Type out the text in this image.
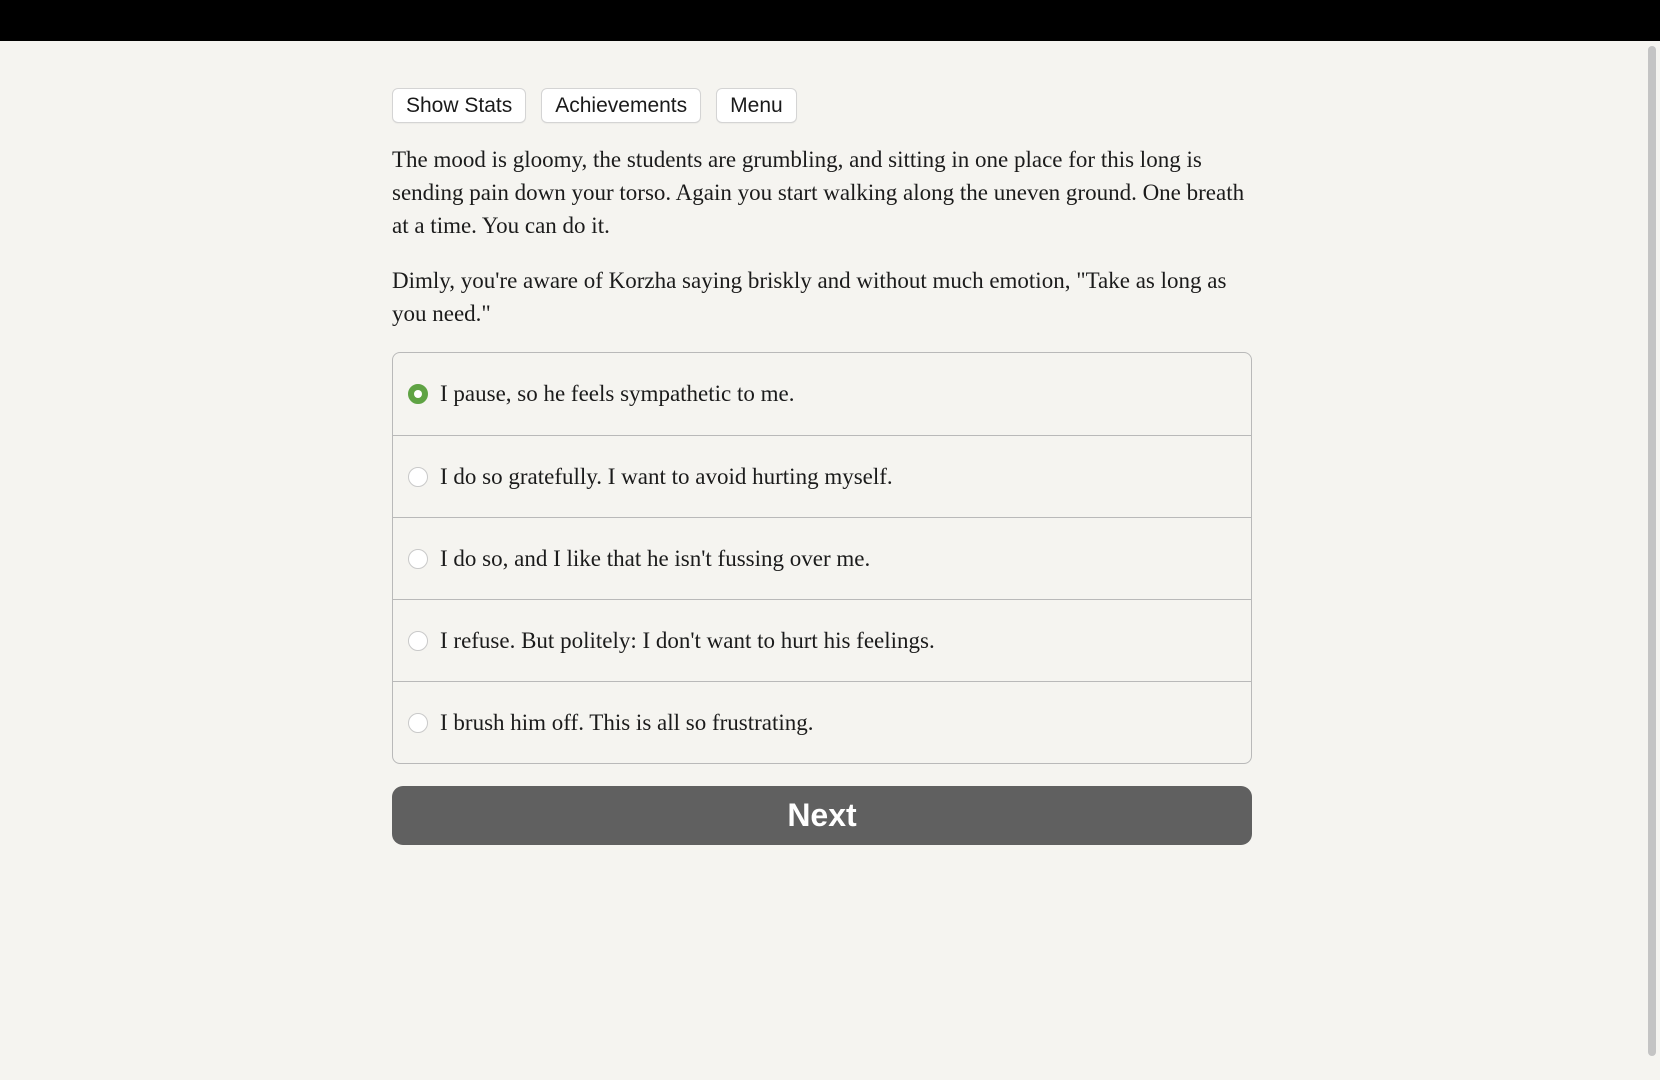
Show Stats	Achievements	Menu

The mood is gloomy, the students are grumbling, and sitting in one place for this long is sending pain down your torso. Again you start walking along the uneven ground. One breath at a time. You can do it.

Dimly, you're aware of Korzha saying briskly and without much emotion, "Take as long as you need."

I pause, so he feels sympathetic to me.
I do so gratefully. I want to avoid hurting myself.
I do so, and I like that he isn't fussing over me.
I refuse. But politely: I don't want to hurt his feelings.
I brush him off. This is all so frustrating.
Next
